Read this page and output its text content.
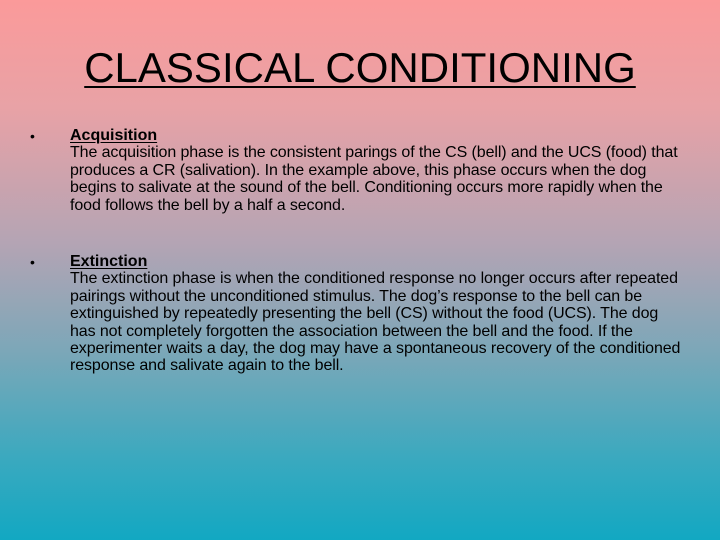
CLASSICAL CONDITIONING
•	Acquisition
The acquisition phase is the consistent parings of the CS (bell) and the UCS (food) that produces a CR (salivation). In the example above, this phase occurs when the dog begins to salivate at the sound of the bell. Conditioning occurs more rapidly when the food follows the bell by a half a second.
•	Extinction
The extinction phase is when the conditioned response no longer occurs after repeated pairings without the unconditioned stimulus. The dog’s response to the bell can be extinguished by repeatedly presenting the bell (CS) without the food (UCS). The dog has not completely forgotten the association between the bell and the food. If the experimenter waits a day, the dog may have a spontaneous recovery of the conditioned response and salivate again to the bell.
